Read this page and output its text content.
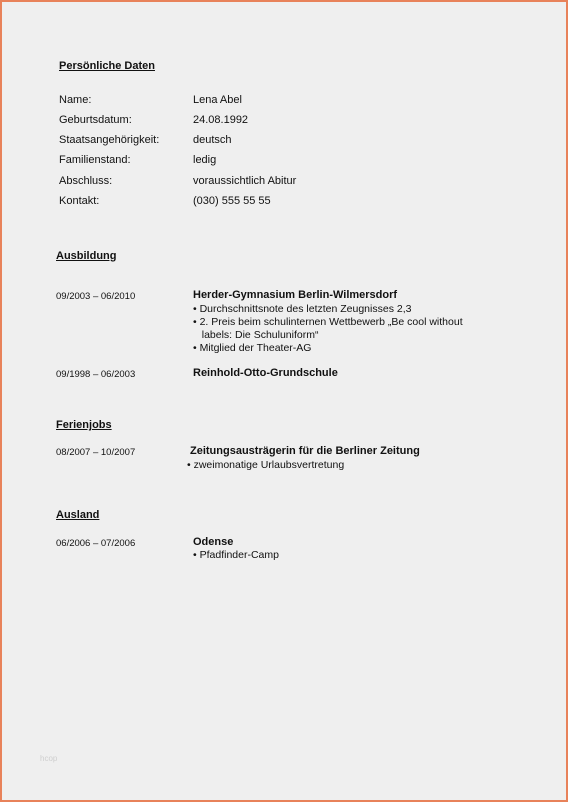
Persönliche Daten
Name:	Lena Abel
Geburtsdatum:	24.08.1992
Staatsangehörigkeit:	deutsch
Familienstand:	ledig
Abschluss:	voraussichtlich Abitur
Kontakt:	(030) 555 55 55
Ausbildung
09/2003 – 06/2010	Herder-Gymnasium Berlin-Wilmersdorf
• Durchschnittsnote des letzten Zeugnisses 2,3
• 2. Preis beim schulinternen Wettbewerb „Be cool without
labels: Die Schuluniform“
• Mitglied der Theater-AG
09/1998 – 06/2003	Reinhold-Otto-Grundschule
Ferienjobs
08/2007 – 10/2007	Zeitungsausträgerin für die Berliner Zeitung
• zweimonatige Urlaubsvertretung
Ausland
06/2006 – 07/2006	Odense
• Pfadfinder-Camp
hcop
